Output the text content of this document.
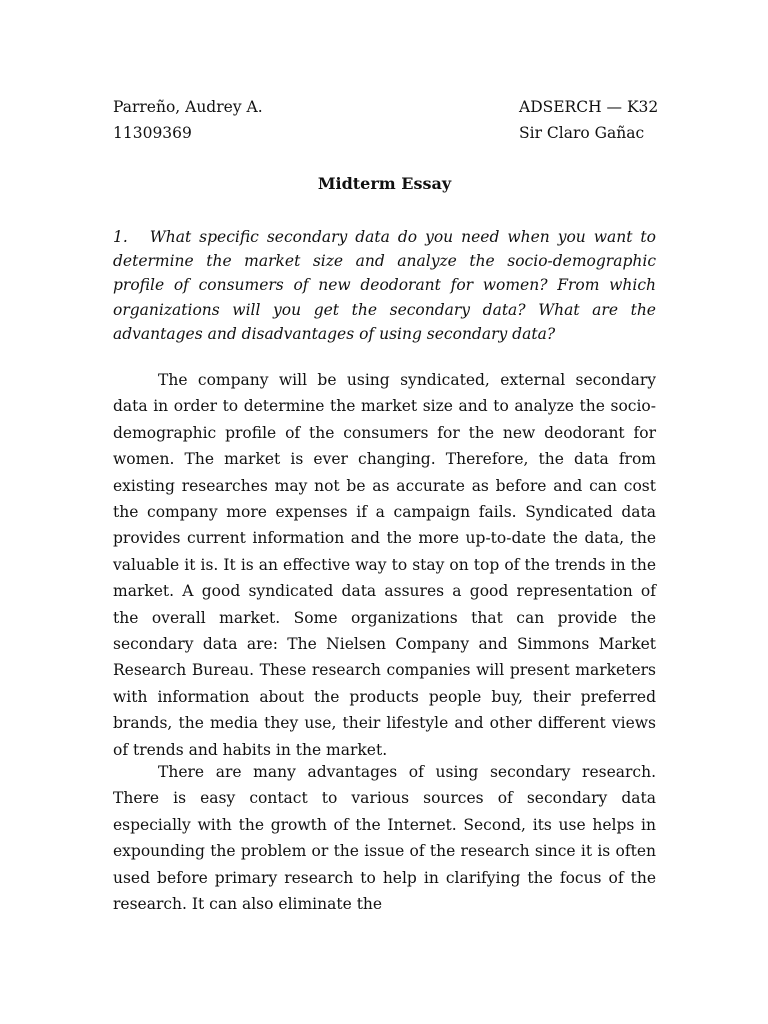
Parreño, Audrey A.	ADSERCH — K32
11309369	Sir Claro Gañac
Midterm Essay
1. What specific secondary data do you need when you want to determine the market size and analyze the socio-demographic profile of consumers of new deodorant for women? From which organizations will you get the secondary data? What are the advantages and disadvantages of using secondary data?

The company will be using syndicated, external secondary data in order to determine the market size and to analyze the socio-demographic profile of the consumers for the new deodorant for women. The market is ever changing. Therefore, the data from existing researches may not be as accurate as before and can cost the company more expenses if a campaign fails. Syndicated data provides current information and the more up-to-date the data, the valuable it is. It is an effective way to stay on top of the trends in the market. A good syndicated data assures a good representation of the overall market. Some organizations that can provide the secondary data are: The Nielsen Company and Simmons Market Research Bureau. These research companies will present marketers with information about the products people buy, their preferred brands, the media they use, their lifestyle and other different views of trends and habits in the market.

There are many advantages of using secondary research. There is easy contact to various sources of secondary data especially with the growth of the Internet. Second, its use helps in expounding the problem or the issue of the research since it is often used before primary research to help in clarifying the focus of the research. It can also eliminate the
